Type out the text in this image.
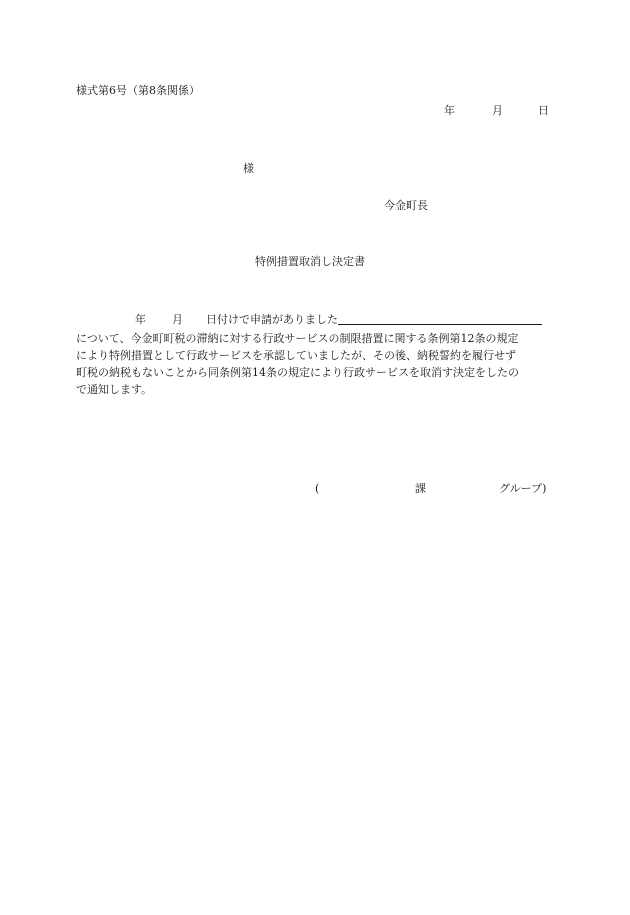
様式第6号（第8条関係）
年	月	日
様
今金町長
特例措置取消し決定書
年 月 日付けで申請がありました
について、今金町町税の滞納に対する行政サービスの制限措置に関する条例第12条の規定
により特例措置として行政サービスを承認していましたが、その後、納税誓約を履行せず
町税の納税もないことから同条例第14条の規定により行政サービスを取消す決定をしたの
で通知します。
(	課	グループ)
